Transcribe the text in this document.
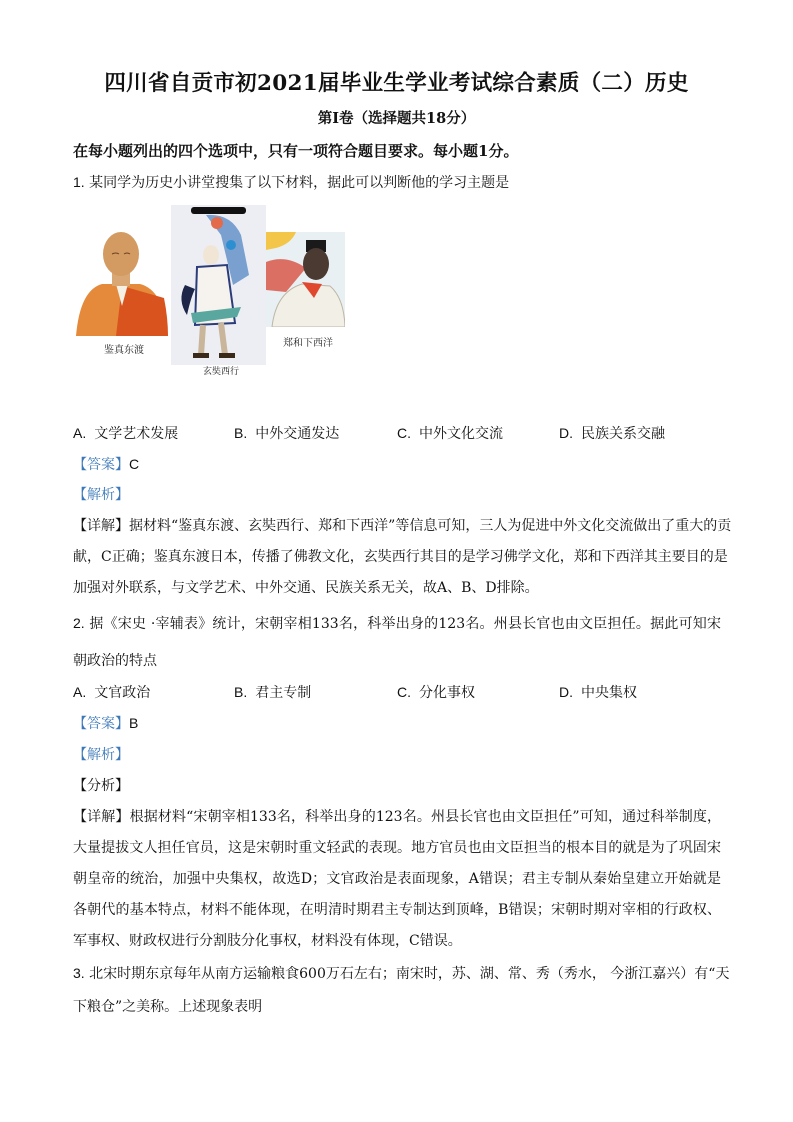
四川省自贡市初2021届毕业生学业考试综合素质（二）历史
第Ⅰ卷（选择题共18分）
在每小题列出的四个选项中，只有一项符合题目要求。每小题1分。
1. 某同学为历史小讲堂搜集了以下材料，据此可以判断他的学习主题是
鉴真东渡
玄奘西行
郑和下西洋
A. 文学艺术发展	B. 中外交通发达	C. 中外文化交流	D. 民族关系交融
【答案】C
【解析】
【详解】据材料“鉴真东渡、玄奘西行、郑和下西洋”等信息可知，三人为促进中外文化交流做出了重大的贡
献，C正确；鉴真东渡日本，传播了佛教文化，玄奘西行其目的是学习佛学文化，郑和下西洋其主要目的是
加强对外联系，与文学艺术、中外交通、民族关系无关，故A、B、D排除。
2. 据《宋史 ·宰辅表》统计，宋朝宰相133名，科举出身的123名。州县长官也由文臣担任。据此可知宋
朝政治的特点
A. 文官政治	B. 君主专制	C. 分化事权	D. 中央集权
【答案】B
【解析】
【分析】
【详解】根据材料“宋朝宰相133名，科举出身的123名。州县长官也由文臣担任”可知，通过科举制度，
大量提拔文人担任官员，这是宋朝时重文轻武的表现。地方官员也由文臣担当的根本目的就是为了巩固宋
朝皇帝的统治，加强中央集权，故选D；文官政治是表面现象，A错误；君主专制从秦始皇建立开始就是
各朝代的基本特点，材料不能体现，在明清时期君主专制达到顶峰，B错误；宋朝时期对宰相的行政权、
军事权、财政权进行分割肢分化事权，材料没有体现，C错误。
3. 北宋时期东京每年从南方运输粮食600万石左右；南宋时，苏、湖、常、秀（秀水， 今浙江嘉兴）有“天
下粮仓”之美称。上述现象表明
